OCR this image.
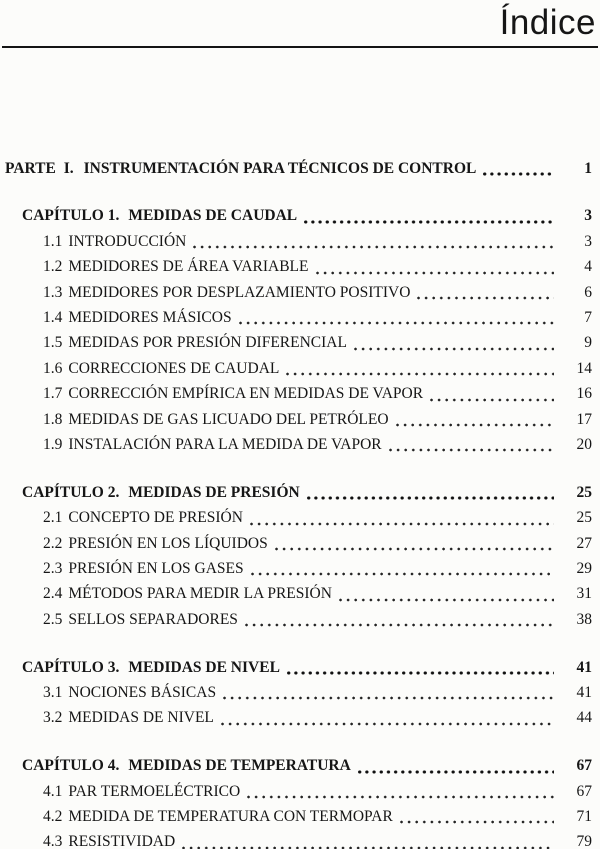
Índice
PARTE I. INSTRUMENTACIÓN PARA TÉCNICOS DE CONTROL	1
CAPÍTULO 1. MEDIDAS DE CAUDAL	3
1.1 INTRODUCCIÓN	3
1.2 MEDIDORES DE ÁREA VARIABLE	4
1.3 MEDIDORES POR DESPLAZAMIENTO POSITIVO	6
1.4 MEDIDORES MÁSICOS	7
1.5 MEDIDAS POR PRESIÓN DIFERENCIAL	9
1.6 CORRECCIONES DE CAUDAL	14
1.7 CORRECCIÓN EMPÍRICA EN MEDIDAS DE VAPOR	16
1.8 MEDIDAS DE GAS LICUADO DEL PETRÓLEO	17
1.9 INSTALACIÓN PARA LA MEDIDA DE VAPOR	20
CAPÍTULO 2. MEDIDAS DE PRESIÓN	25
2.1 CONCEPTO DE PRESIÓN	25
2.2 PRESIÓN EN LOS LÍQUIDOS	27
2.3 PRESIÓN EN LOS GASES	29
2.4 MÉTODOS PARA MEDIR LA PRESIÓN	31
2.5 SELLOS SEPARADORES	38
CAPÍTULO 3. MEDIDAS DE NIVEL	41
3.1 NOCIONES BÁSICAS	41
3.2 MEDIDAS DE NIVEL	44
CAPÍTULO 4. MEDIDAS DE TEMPERATURA	67
4.1 PAR TERMOELÉCTRICO	67
4.2 MEDIDA DE TEMPERATURA CON TERMOPAR	71
4.3 RESISTIVIDAD	79
